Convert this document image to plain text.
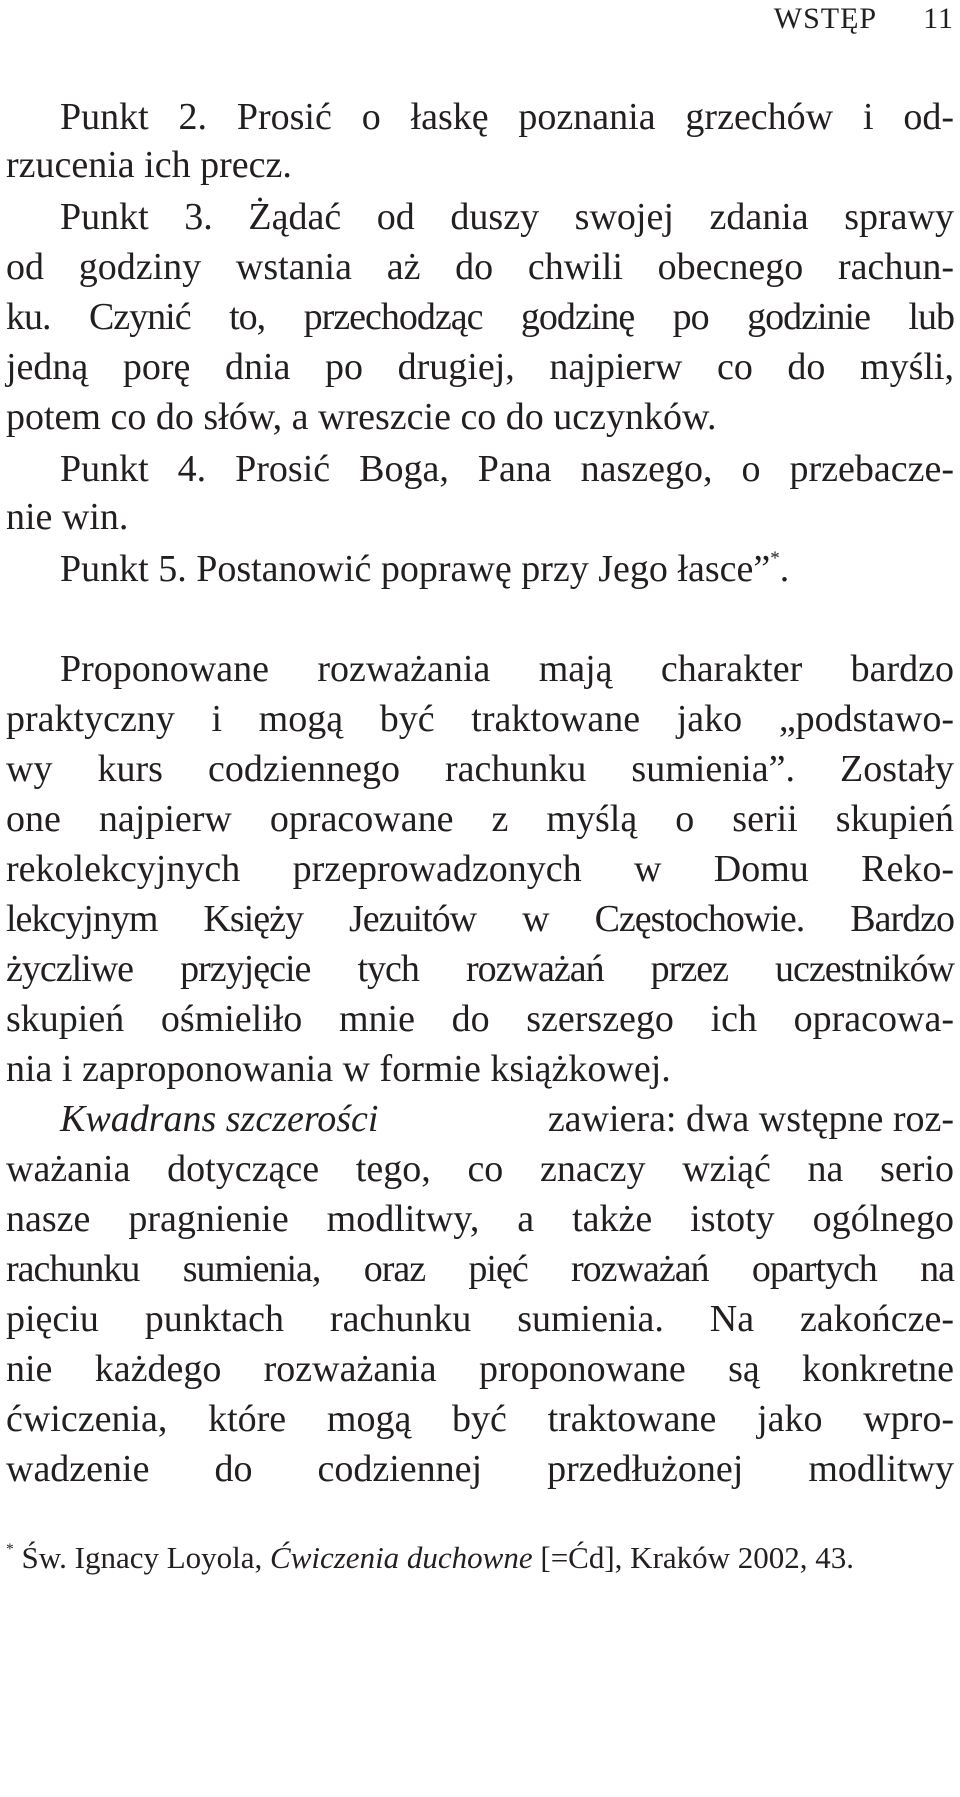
WSTĘP 11
Punkt 2. Prosić o łaskę poznania grzechów i od-
rzucenia ich precz.
Punkt 3. Żądać od duszy swojej zdania sprawy
od godziny wstania aż do chwili obecnego rachun-
ku. Czynić to, przechodząc godzinę po godzinie lub
jedną porę dnia po drugiej, najpierw co do myśli,
potem co do słów, a wreszcie co do uczynków.
Punkt 4. Prosić Boga, Pana naszego, o przebacze-
nie win.
Punkt 5. Postanowić poprawę przy Jego łasce”*.
Proponowane rozważania mają charakter bardzo
praktyczny i mogą być traktowane jako „podstawo-
wy kurs codziennego rachunku sumienia”. Zostały
one najpierw opracowane z myślą o serii skupień
rekolekcyjnych przeprowadzonych w Domu Reko-
lekcyjnym Księży Jezuitów w Częstochowie. Bardzo
życzliwe przyjęcie tych rozważań przez uczestników
skupień ośmieliło mnie do szerszego ich opracowa-
nia i zaproponowania w formie książkowej.
Kwadrans szczerości	zawiera: dwa wstępne roz-
ważania dotyczące tego, co znaczy wziąć na serio
nasze pragnienie modlitwy, a także istoty ogólnego
rachunku sumienia, oraz pięć rozważań opartych na
pięciu punktach rachunku sumienia. Na zakończe-
nie każdego rozważania proponowane są konkretne
ćwiczenia, które mogą być traktowane jako wpro-
wadzenie do codziennej przedłużonej modlitwy
* Św. Ignacy Loyola, Ćwiczenia duchowne [=Ćd], Kraków 2002, 43.
